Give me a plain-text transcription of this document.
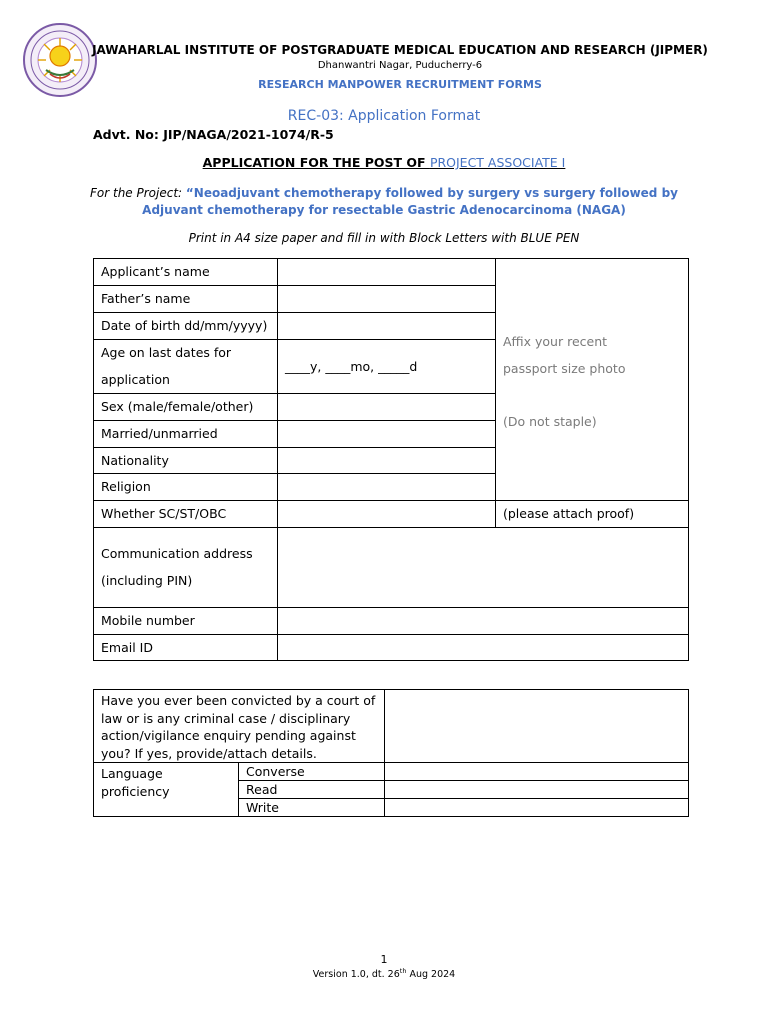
JAWAHARLAL INSTITUTE OF POSTGRADUATE MEDICAL EDUCATION AND RESEARCH (JIPMER)
Dhanwantri Nagar, Puducherry-6
RESEARCH MANPOWER RECRUITMENT FORMS
REC-03: Application Format
Advt. No: JIP/NAGA/2021-1074/R-5
APPLICATION FOR THE POST OF PROJECT ASSOCIATE I
For the Project: “Neoadjuvant chemotherapy followed by surgery vs surgery followed by
Adjuvant chemotherapy for resectable Gastric Adenocarcinoma (NAGA)
Print in A4 size paper and fill in with Block Letters with BLUE PEN
Applicant’s name		Affix your recent
passport size photo
(Do not staple)
Father’s name		
Date of birth dd/mm/yyyy)		
Age on last dates for
application	____y, ____mo, _____d	
Sex (male/female/other)		
Married/unmarried		
Nationality		
Religion		
Whether SC/ST/OBC		(please attach proof)
Communication address
(including PIN)		
Mobile number		
Email ID		
Have you ever been convicted by a court of law or is any criminal case / disciplinary action/vigilance enquiry pending against you? If yes, provide/attach details.		
Language proficiency	Converse	
	Read	
	Write	
1
Version 1.0, dt. 26th Aug 2024
